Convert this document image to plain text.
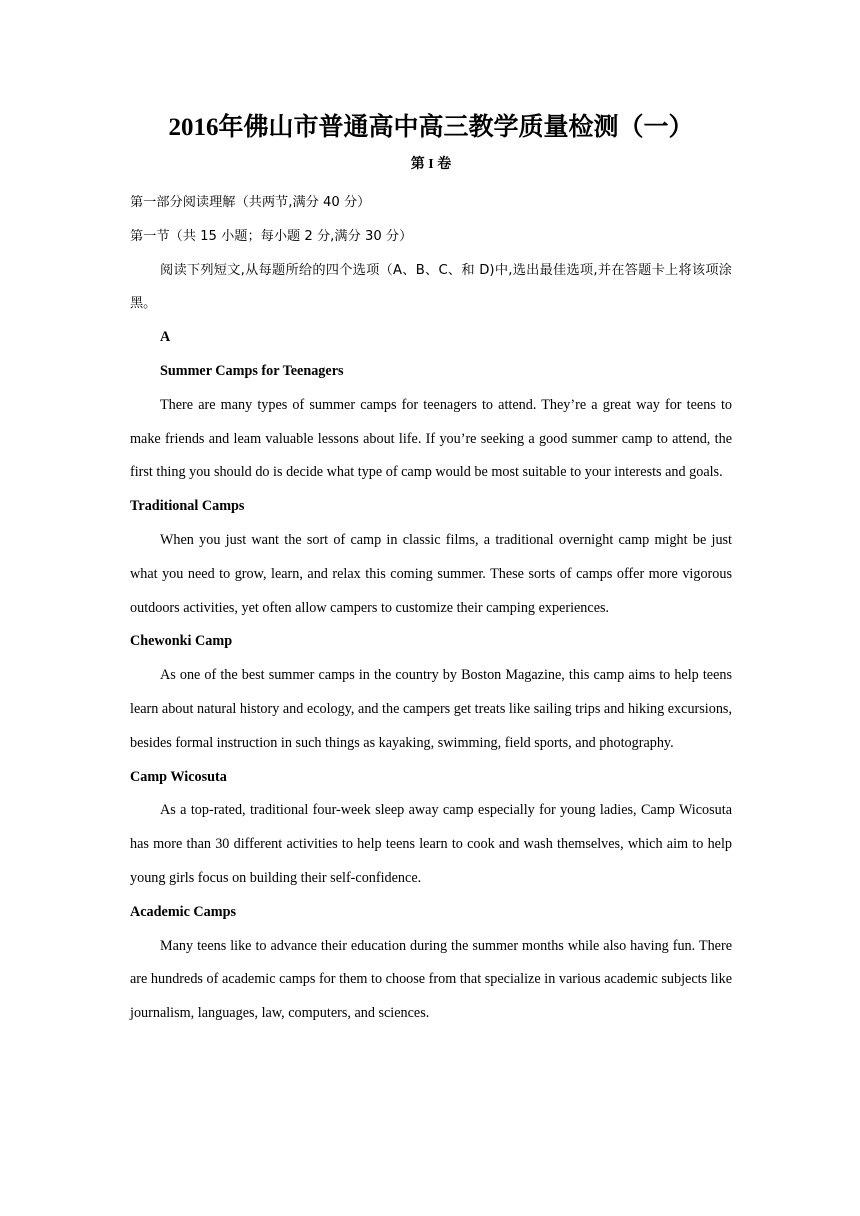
2016年佛山市普通高中高三教学质量检测（一）
第 I 卷

第一部分阅读理解（共两节,满分 40 分）

第一节（共 15 小题；每小题 2 分,满分 30 分）

阅读下列短文,从每题所给的四个选项（A、B、C、和 D)中,选出最佳选项,并在答题卡上将该项涂黑。

A

Summer Camps for Teenagers

There are many types of summer camps for teenagers to attend. They’re a great way for teens to make friends and leam valuable lessons about life. If you’re seeking a good summer camp to attend, the first thing you should do is decide what type of camp would be most suitable to your interests and goals.

Traditional Camps

When you just want the sort of camp in classic films, a traditional overnight camp might be just what you need to grow, learn, and relax this coming summer. These sorts of camps offer more vigorous outdoors activities, yet often allow campers to customize their camping experiences.

Chewonki Camp

As one of the best summer camps in the country by Boston Magazine, this camp aims to help teens learn about natural history and ecology, and the campers get treats like sailing trips and hiking excursions, besides formal instruction in such things as kayaking, swimming, field sports, and photography.

Camp Wicosuta

As a top-rated, traditional four-week sleep away camp especially for young ladies, Camp Wicosuta has more than 30 different activities to help teens learn to cook and wash themselves, which aim to help young girls focus on building their self-confidence.

Academic Camps

Many teens like to advance their education during the summer months while also having fun. There are hundreds of academic camps for them to choose from that specialize in various academic subjects like journalism, languages, law, computers, and sciences.
